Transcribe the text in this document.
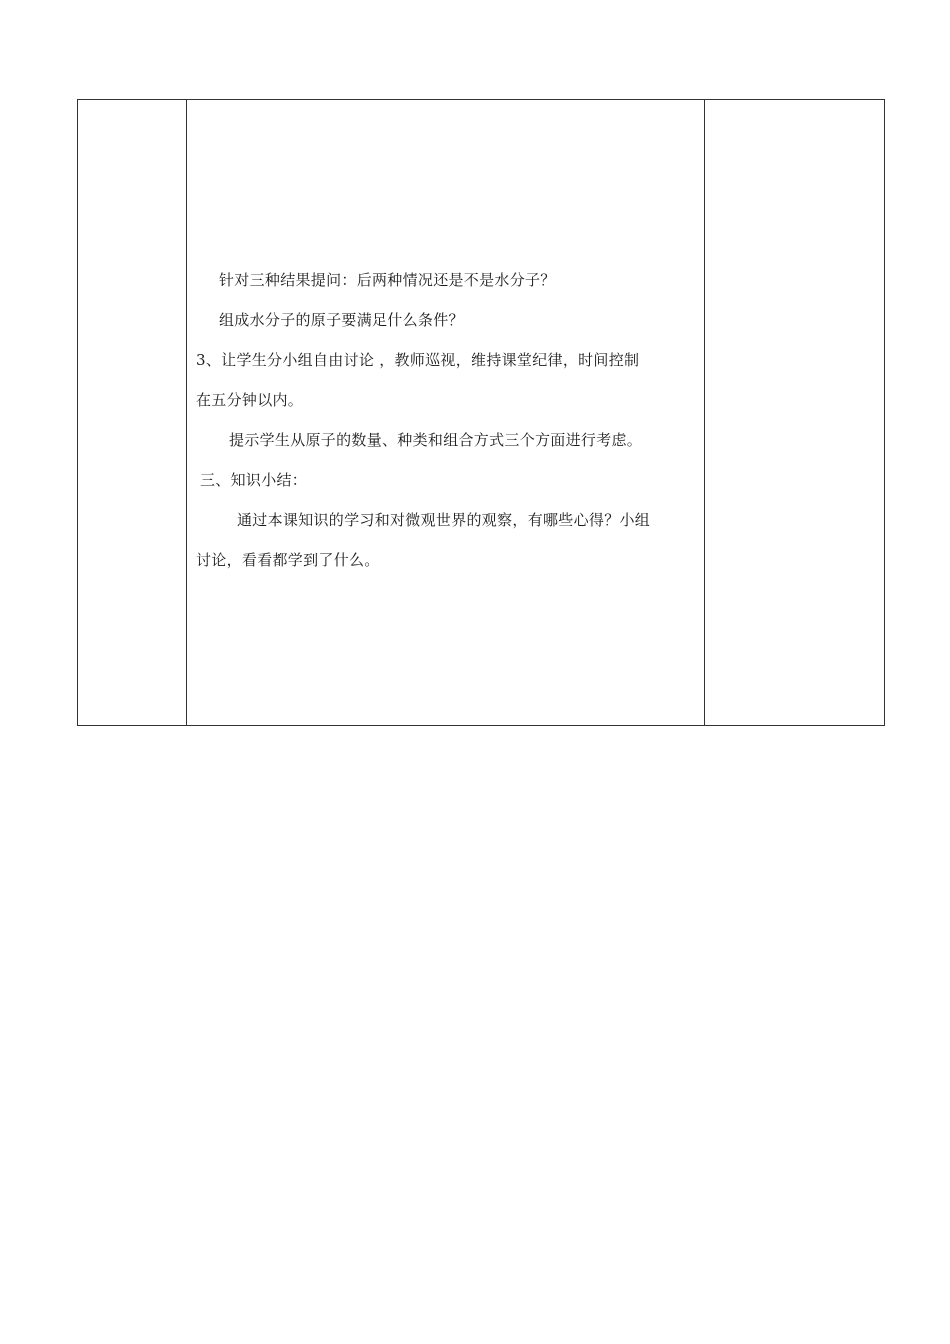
针对三种结果提问：后两种情况还是不是水分子？
组成水分子的原子要满足什么条件？
3、让学生分小组自由讨论 ，教师巡视，维持课堂纪律，时间控制
在五分钟以内。
提示学生从原子的数量、种类和组合方式三个方面进行考虑。
三、知识小结：
通过本课知识的学习和对微观世界的观察，有哪些心得？小组
讨论，看看都学到了什么。
